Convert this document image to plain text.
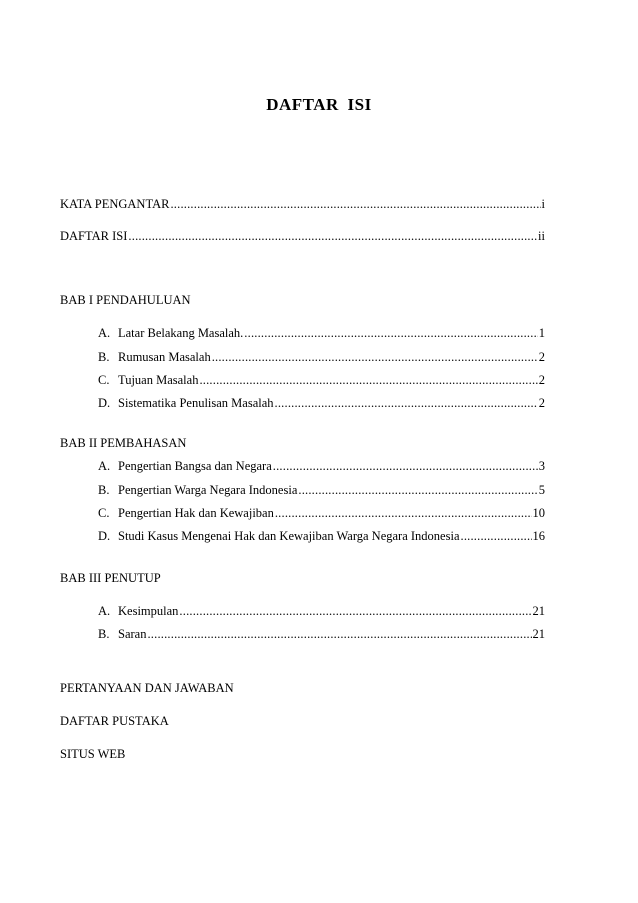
DAFTAR ISI
KATA PENGANTAR .....	i
DAFTAR ISI .....	ii
BAB I PENDAHULUAN
A. Latar Belakang Masalah. .....	1
B. Rumusan Masalah .....	2
C. Tujuan Masalah .....	2
D. Sistematika Penulisan Masalah .....	2
BAB II PEMBAHASAN
A. Pengertian Bangsa dan Negara .....	3
B. Pengertian Warga Negara Indonesia .....	5
C. Pengertian Hak dan Kewajiban .....	10
D. Studi Kasus Mengenai Hak dan Kewajiban Warga Negara Indonesia .....	16
BAB III PENUTUP
A. Kesimpulan .....	21
B. Saran .....	21
PERTANYAAN DAN JAWABAN
DAFTAR PUSTAKA
SITUS WEB
